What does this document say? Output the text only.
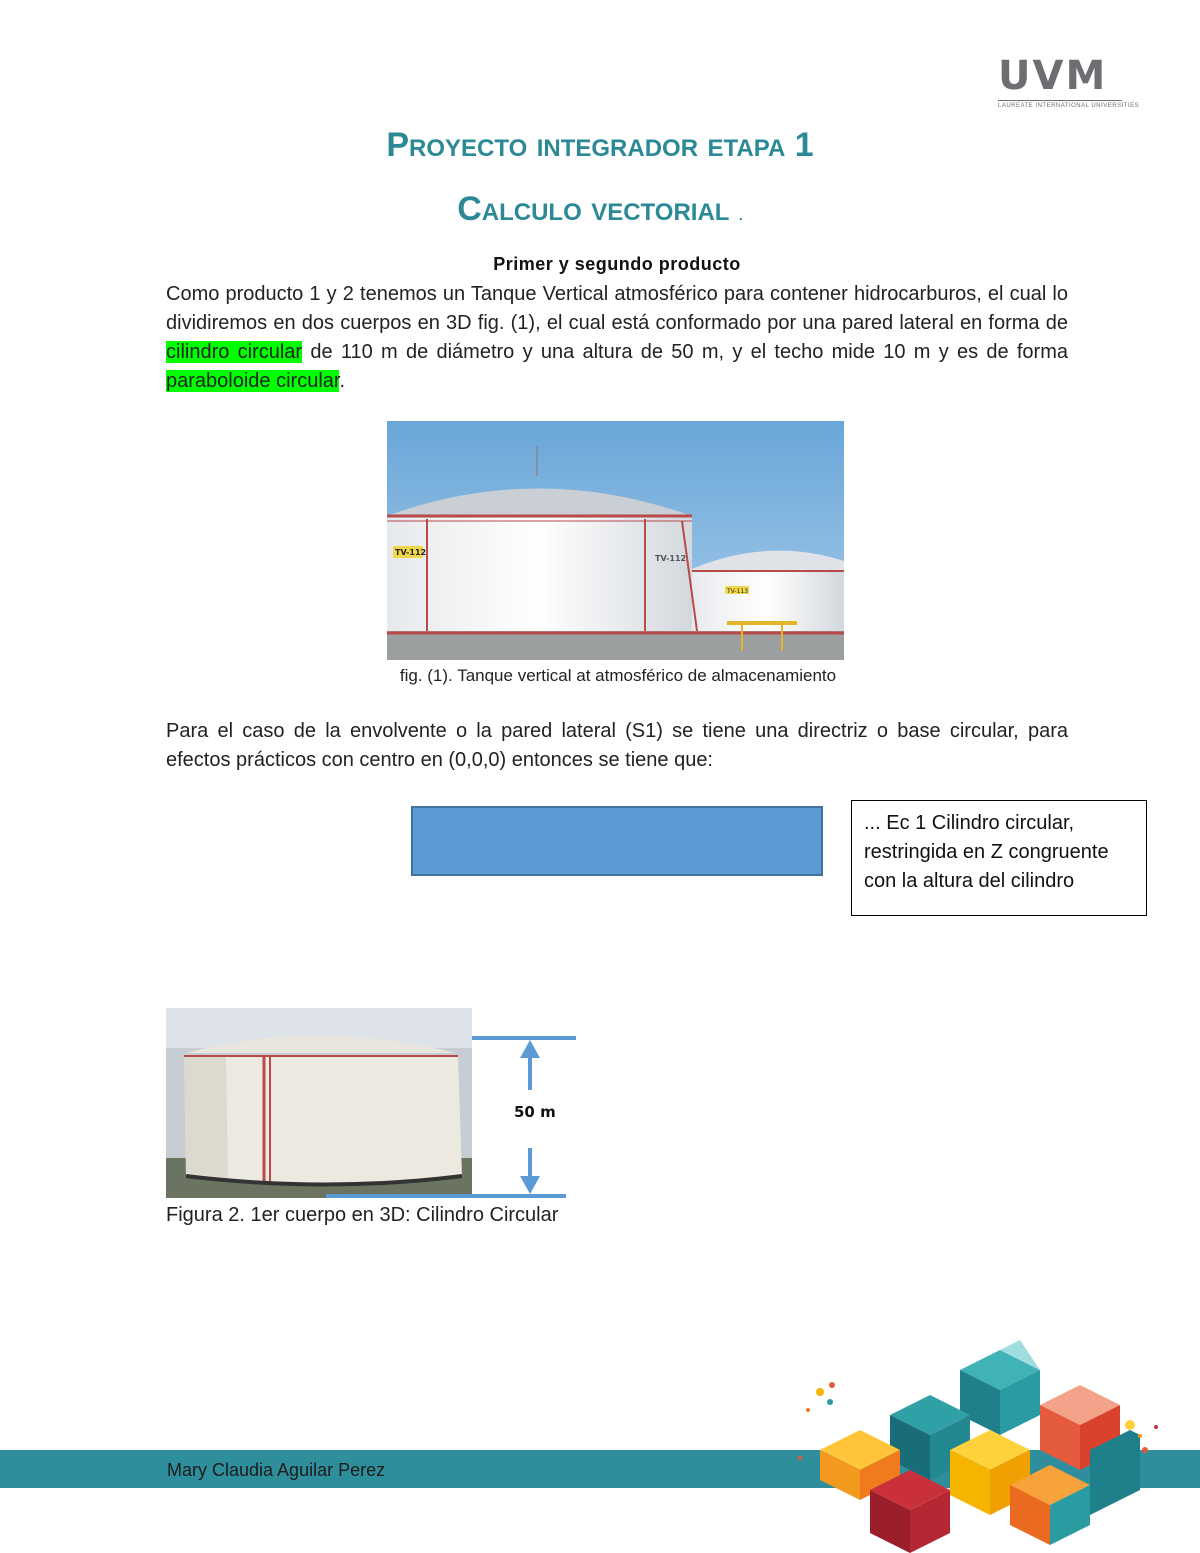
UVM
LAUREATE INTERNATIONAL UNIVERSITIES
Proyecto integrador etapa 1
Calculo vectorial .
Primer y segundo producto
Como producto 1 y 2 tenemos un Tanque Vertical atmosférico para contener hidrocarburos, el cual lo dividiremos en dos cuerpos en 3D fig. (1), el cual está conformado por una pared lateral en forma de cilindro circular de 110 m de diámetro y una altura de 50 m, y el techo mide 10 m y es de forma paraboloide circular.
TV-113
TV-112
TV-112
fig. (1). Tanque vertical at atmosférico de almacenamiento
Para el caso de la envolvente o la pared lateral (S1) se tiene una directriz o base circular, para efectos prácticos con centro en (0,0,0) entonces se tiene que:
... Ec 1 Cilindro circular, restringida en Z congruente con la altura del cilindro
50 m
Figura 2. 1er cuerpo en 3D: Cilindro Circular
Mary Claudia Aguilar Perez
